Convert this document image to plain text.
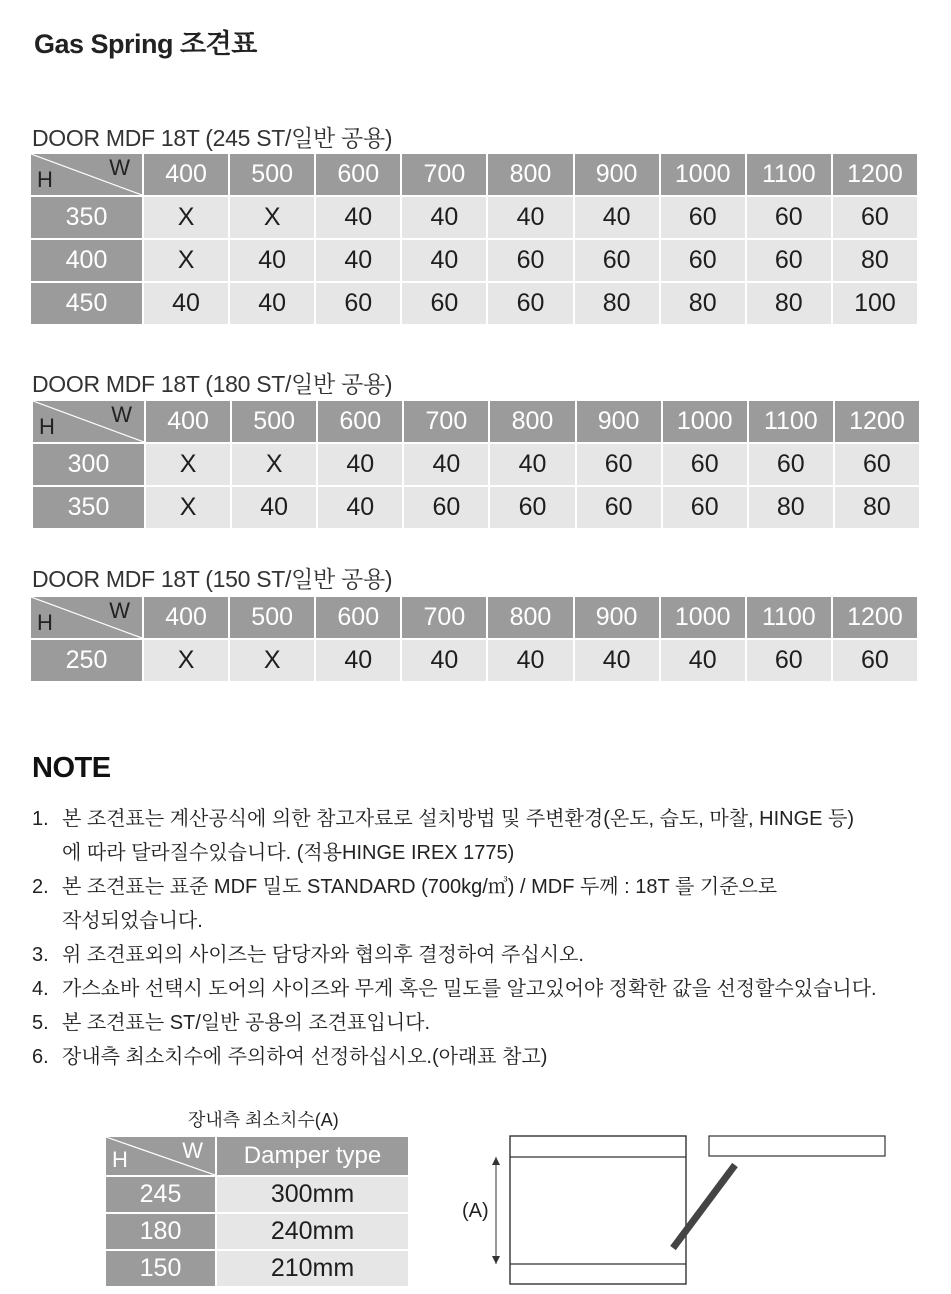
Gas Spring 조견표
DOOR MDF 18T (245 ST/일반 공용)
W
H	400	500	600	700	800	900	1000	1100	1200
350	X	X	40	40	40	40	60	60	60
400	X	40	40	40	60	60	60	60	80
450	40	40	60	60	60	80	80	80	100
DOOR MDF 18T (180 ST/일반 공용)
W
H	400	500	600	700	800	900	1000	1100	1200
300	X	X	40	40	40	60	60	60	60
350	X	40	40	60	60	60	60	80	80
DOOR MDF 18T (150 ST/일반 공용)
W
H	400	500	600	700	800	900	1000	1100	1200
250	X	X	40	40	40	40	40	60	60
NOTE
1. 본 조견표는 계산공식에 의한 참고자료로 설치방법 및 주변환경(온도, 습도, 마찰, HINGE 등)
에 따라 달라질수있습니다. (적용HINGE IREX 1775)
2. 본 조견표는 표준 MDF 밀도 STANDARD (700kg/㎥) / MDF 두께 : 18T 를 기준으로
작성되었습니다.
3. 위 조견표외의 사이즈는 담당자와 협의후 결정하여 주십시오.
4. 가스쇼바 선택시 도어의 사이즈와 무게 혹은 밀도를 알고있어야 정확한 값을 선정할수있습니다.
5. 본 조견표는 ST/일반 공용의 조견표입니다.
6. 장내측 최소치수에 주의하여 선정하십시오.(아래표 참고)
장내측 최소치수(A)
W
H	Damper type
245	300mm
180	240mm
150	210mm
(A)
